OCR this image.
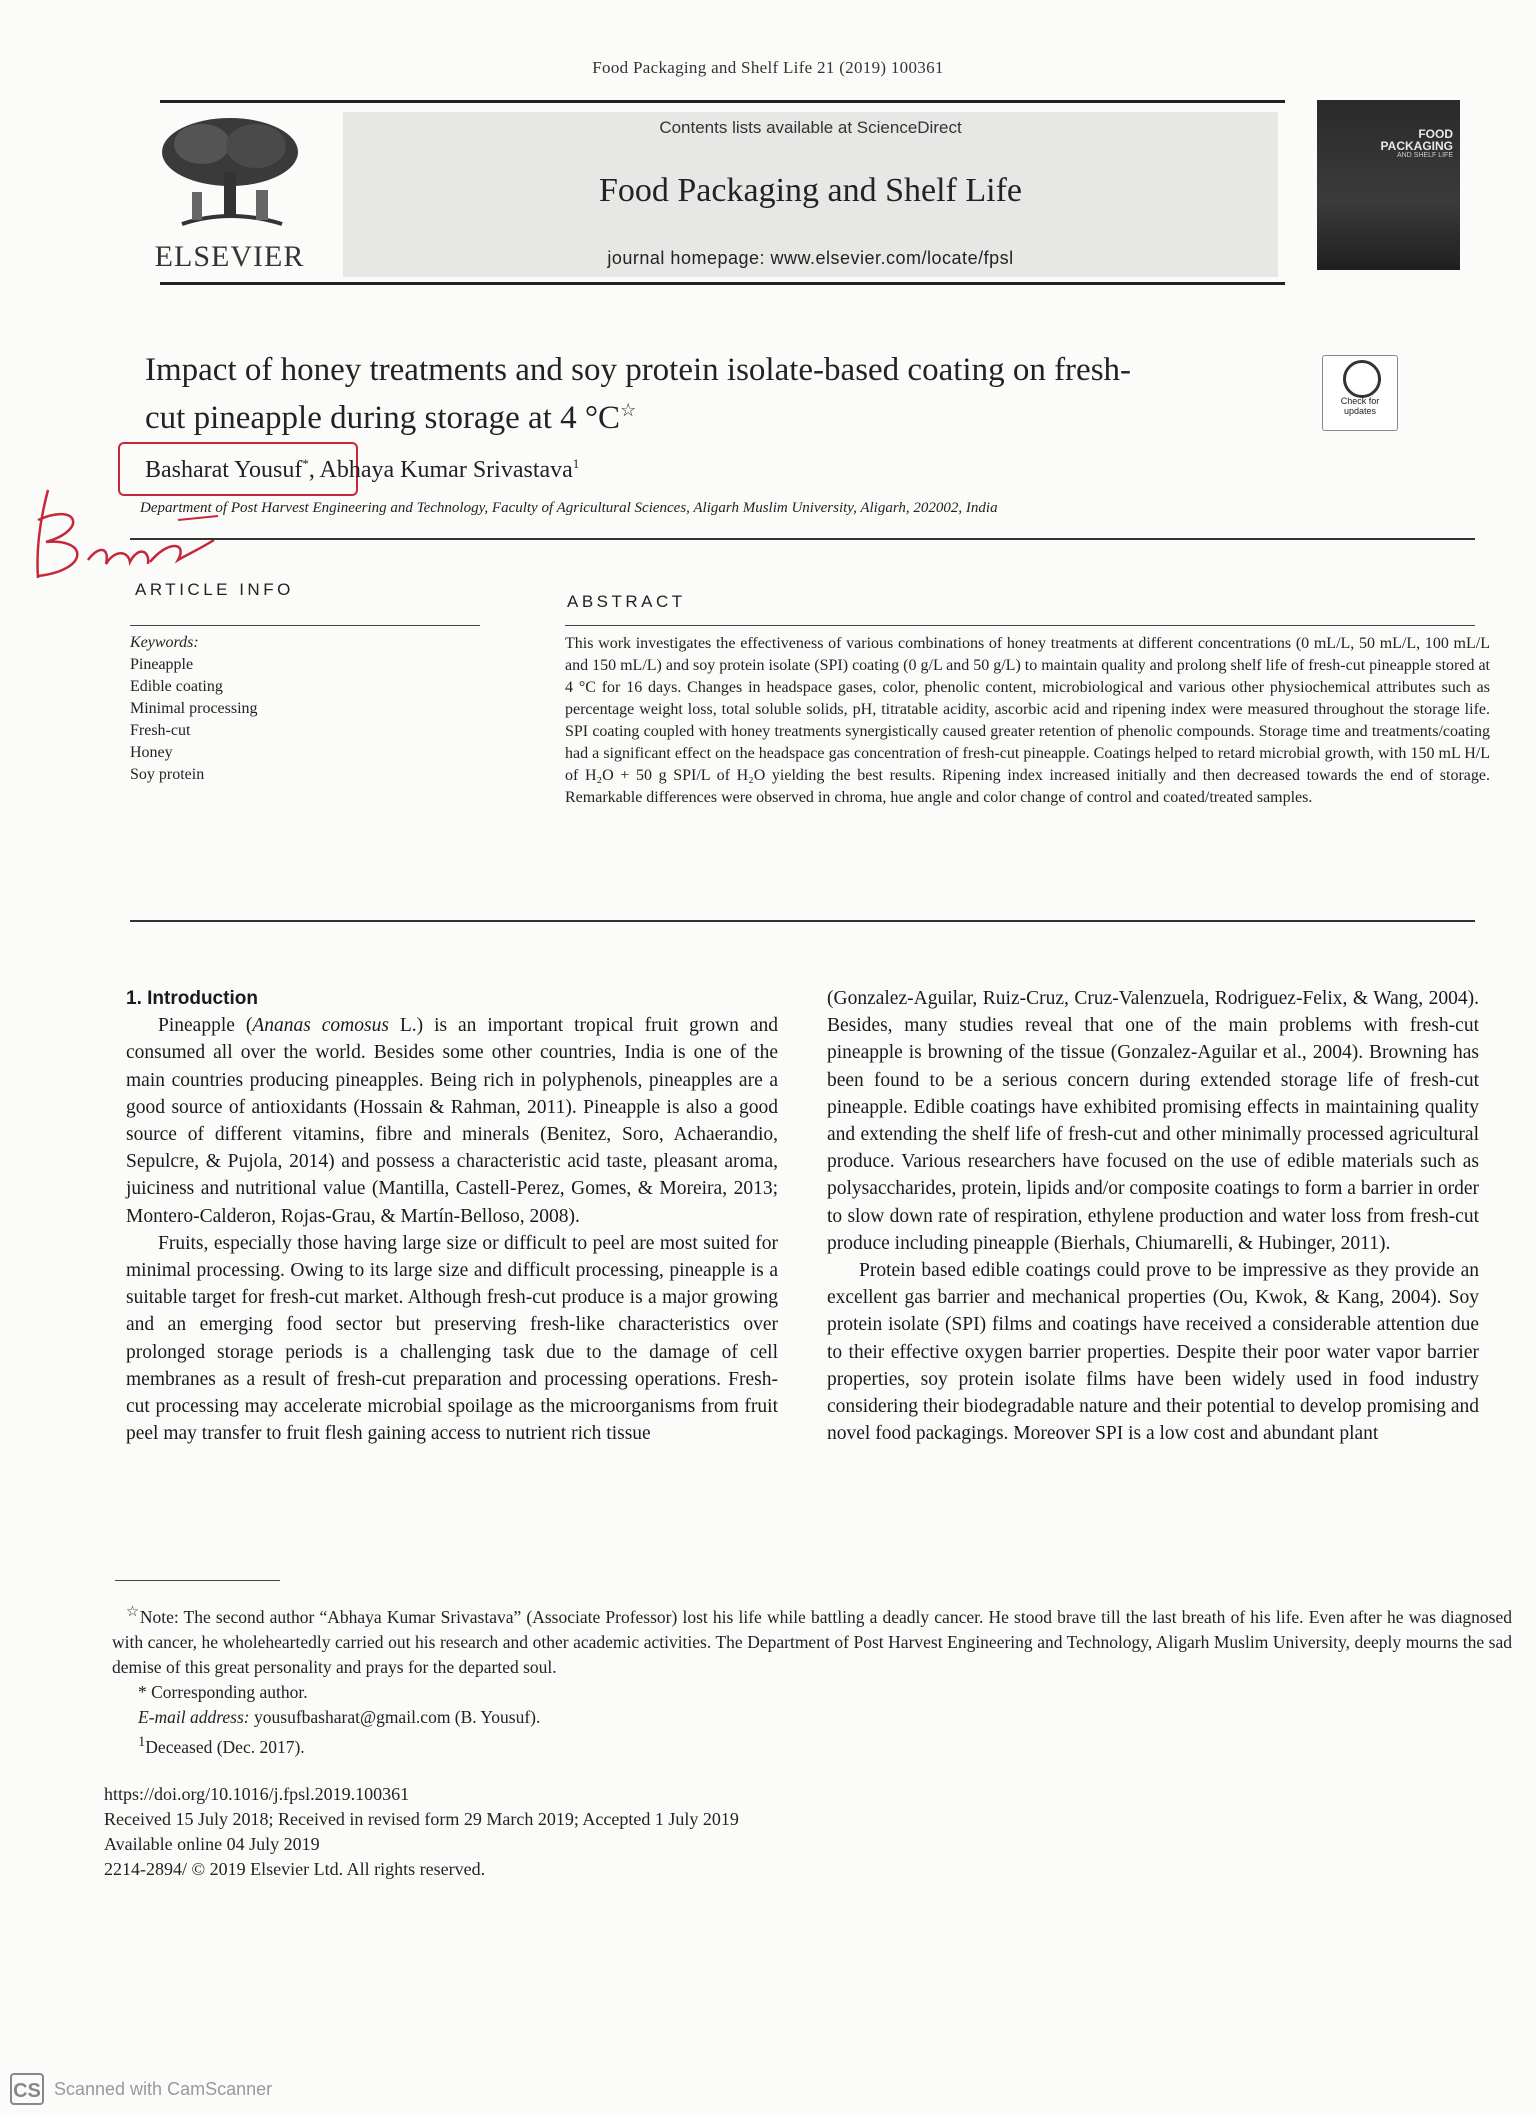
Food Packaging and Shelf Life 21 (2019) 100361
ELSEVIER
Contents lists available at ScienceDirect
Food Packaging and Shelf Life
journal homepage: www.elsevier.com/locate/fpsl
FOOD
PACKAGING
AND SHELF LIFE
Impact of honey treatments and soy protein isolate-based coating on fresh-
cut pineapple during storage at 4 °C☆	Check for
updates
Basharat Yousuf*, Abhaya Kumar Srivastava$^1$
Department of Post Harvest Engineering and Technology, Faculty of Agricultural Sciences, Aligarh Muslim University, Aligarh, 202002, India
ARTICLE INFO
Keywords:
Pineapple
Edible coating
Minimal processing
Fresh-cut
Honey
Soy protein
ABSTRACT
This work investigates the effectiveness of various combinations of honey treatments at different concentrations (0 mL/L, 50 mL/L, 100 mL/L and 150 mL/L) and soy protein isolate (SPI) coating (0 g/L and 50 g/L) to maintain quality and prolong shelf life of fresh-cut pineapple stored at 4 °C for 16 days. Changes in headspace gases, color, phenolic content, microbiological and various other physiochemical attributes such as percentage weight loss, total soluble solids, pH, titratable acidity, ascorbic acid and ripening index were measured throughout the storage life. SPI coating coupled with honey treatments synergistically caused greater retention of phenolic compounds. Storage time and treatments/coating had a significant effect on the headspace gas concentration of fresh-cut pineapple. Coatings helped to retard microbial growth, with 150 mL H/L of H₂O + 50 g SPI/L of H₂O yielding the best results. Ripening index increased initially and then decreased towards the end of storage. Remarkable differences were observed in chroma, hue angle and color change of control and coated/treated samples.

1. Introduction

Pineapple (Ananas comosus L.) is an important tropical fruit grown and consumed all over the world. Besides some other countries, India is one of the main countries producing pineapples. Being rich in polyphenols, pineapples are a good source of antioxidants (Hossain & Rahman, 2011). Pineapple is also a good source of different vitamins, fibre and minerals (Benitez, Soro, Achaerandio, Sepulcre, & Pujola, 2014) and possess a characteristic acid taste, pleasant aroma, juiciness and nutritional value (Mantilla, Castell-Perez, Gomes, & Moreira, 2013; Montero-Calderon, Rojas-Grau, & Martín-Belloso, 2008).

Fruits, especially those having large size or difficult to peel are most suited for minimal processing. Owing to its large size and difficult processing, pineapple is a suitable target for fresh-cut market. Although fresh-cut produce is a major growing and an emerging food sector but preserving fresh-like characteristics over prolonged storage periods is a challenging task due to the damage of cell membranes as a result of fresh-cut preparation and processing operations. Fresh-cut processing may accelerate microbial spoilage as the microorganisms from fruit peel may transfer to fruit flesh gaining access to nutrient rich tissue

(Gonzalez-Aguilar, Ruiz-Cruz, Cruz-Valenzuela, Rodriguez-Felix, & Wang, 2004). Besides, many studies reveal that one of the main problems with fresh-cut pineapple is browning of the tissue (Gonzalez-Aguilar et al., 2004). Browning has been found to be a serious concern during extended storage life of fresh-cut pineapple. Edible coatings have exhibited promising effects in maintaining quality and extending the shelf life of fresh-cut and other minimally processed agricultural produce. Various researchers have focused on the use of edible materials such as polysaccharides, protein, lipids and/or composite coatings to form a barrier in order to slow down rate of respiration, ethylene production and water loss from fresh-cut produce including pineapple (Bierhals, Chiumarelli, & Hubinger, 2011).

Protein based edible coatings could prove to be impressive as they provide an excellent gas barrier and mechanical properties (Ou, Kwok, & Kang, 2004). Soy protein isolate (SPI) films and coatings have received a considerable attention due to their effective oxygen barrier properties. Despite their poor water vapor barrier properties, soy protein isolate films have been widely used in food industry considering their biodegradable nature and their potential to develop promising and novel food packagings. Moreover SPI is a low cost and abundant plant

☆Note: The second author “Abhaya Kumar Srivastava” (Associate Professor) lost his life while battling a deadly cancer. He stood brave till the last breath of his life. Even after he was diagnosed with cancer, he wholeheartedly carried out his research and other academic activities. The Department of Post Harvest Engineering and Technology, Aligarh Muslim University, deeply mourns the sad demise of this great personality and prays for the departed soul.

* Corresponding author.

E-mail address: yousufbasharat@gmail.com (B. Yousuf).

$^1$Deceased (Dec. 2017).

https://doi.org/10.1016/j.fpsl.2019.100361
Received 15 July 2018; Received in revised form 29 March 2019; Accepted 1 July 2019
Available online 04 July 2019
2214-2894/ © 2019 Elsevier Ltd. All rights reserved.
CS Scanned with CamScanner
